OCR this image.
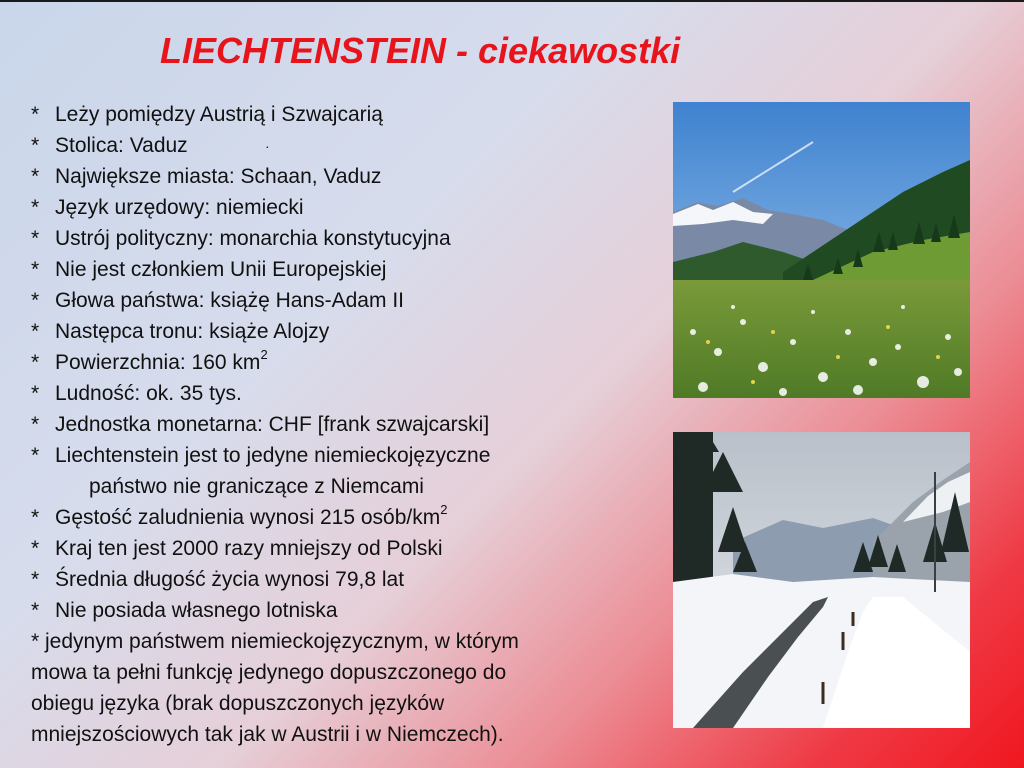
LIECHTENSTEIN - ciekawostki
* Leży pomiędzy Austrią i Szwajcarią
* Stolica: Vaduz
* Największe miasta: Schaan, Vaduz
* Język urzędowy: niemiecki
* Ustrój polityczny: monarchia konstytucyjna
* Nie jest członkiem Unii Europejskiej
* Głowa państwa: książę Hans-Adam II
* Następca tronu: książe Alojzy
* Powierzchnia: 160 $km^2$
* Ludność: ok. 35 tys.
* Jednostka monetarna: CHF [frank szwajcarski]
* Liechtenstein jest to jedyne niemieckojęzyczne
państwo nie graniczące z Niemcami
* Gęstość zaludnienia wynosi 215 osób/$km^2$
* Kraj ten jest 2000 razy mniejszy od Polski
* Średnia długość życia wynosi 79,8 lat
* Nie posiada własnego lotniska
* jedynym państwem niemieckojęzycznym, w którym
mowa ta pełni funkcję jedynego dopuszczonego do
obiegu języka (brak dopuszczonych języków
mniejszościowych tak jak w Austrii i w Niemczech).
·
